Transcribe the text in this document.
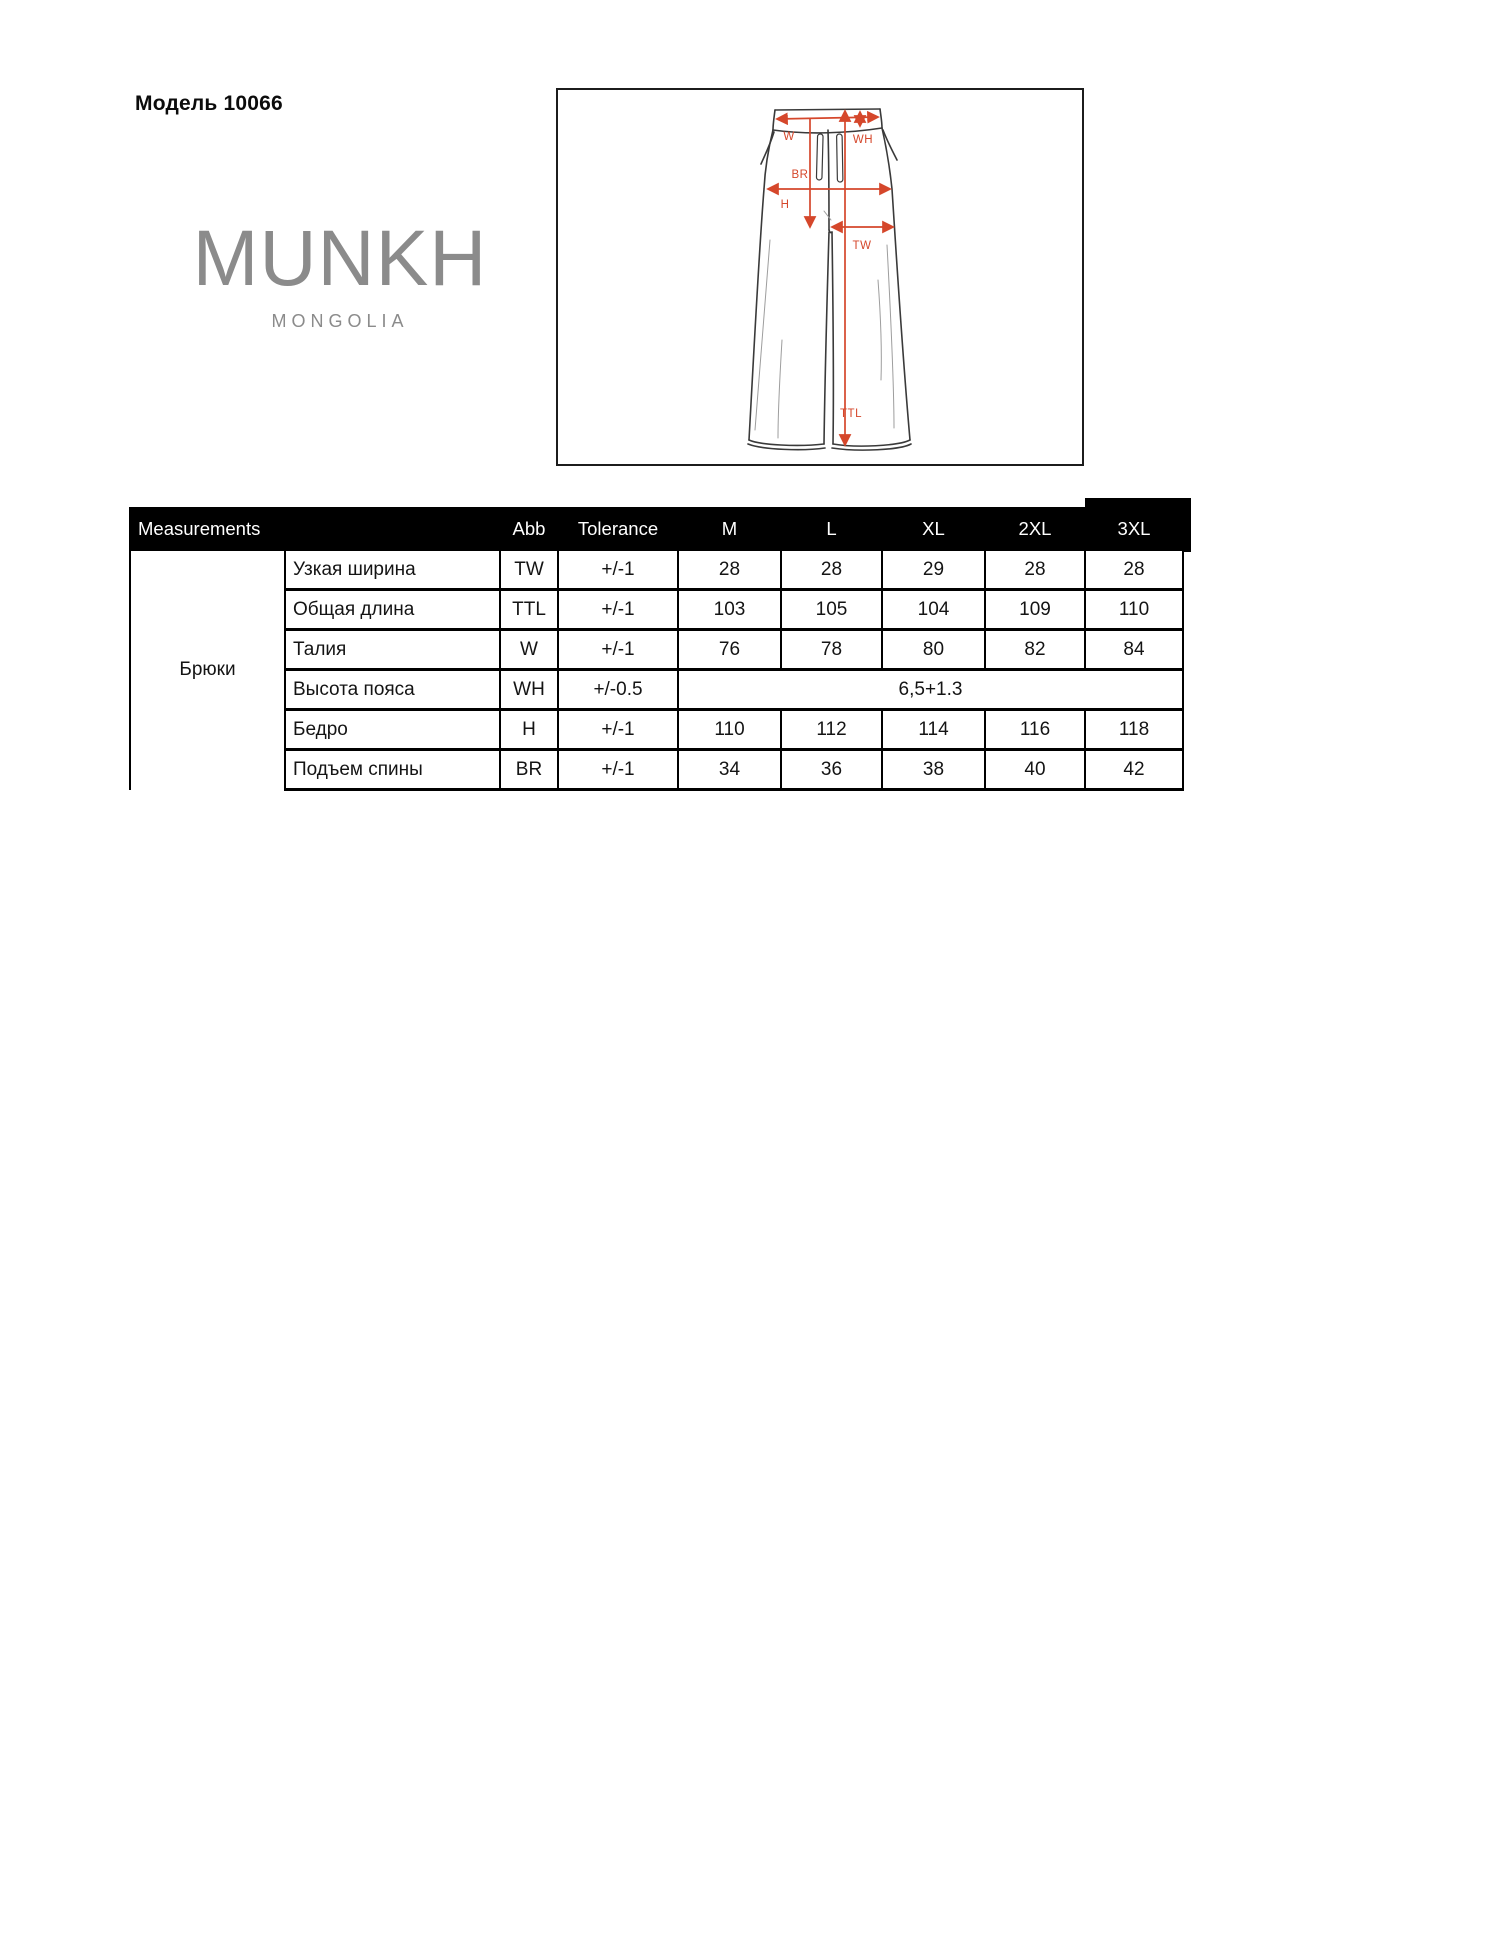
Модель 10066
MUNKH
MONGOLIA
W	WH
BR
H
TW
TTL
Measurements		Abb	Tolerance	M	L	XL	2XL	3XL
Брюки	Узкая ширина	TW	+/-1	28	28	29	28	28
	Общая длина	TTL	+/-1	103	105	104	109	110
	Талия	W	+/-1	76	78	80	82	84
	Высота пояса	WH	+/-0.5	6,5+1.3				
	Бедро	H	+/-1	110	112	114	116	118
	Подъем спины	BR	+/-1	34	36	38	40	42
